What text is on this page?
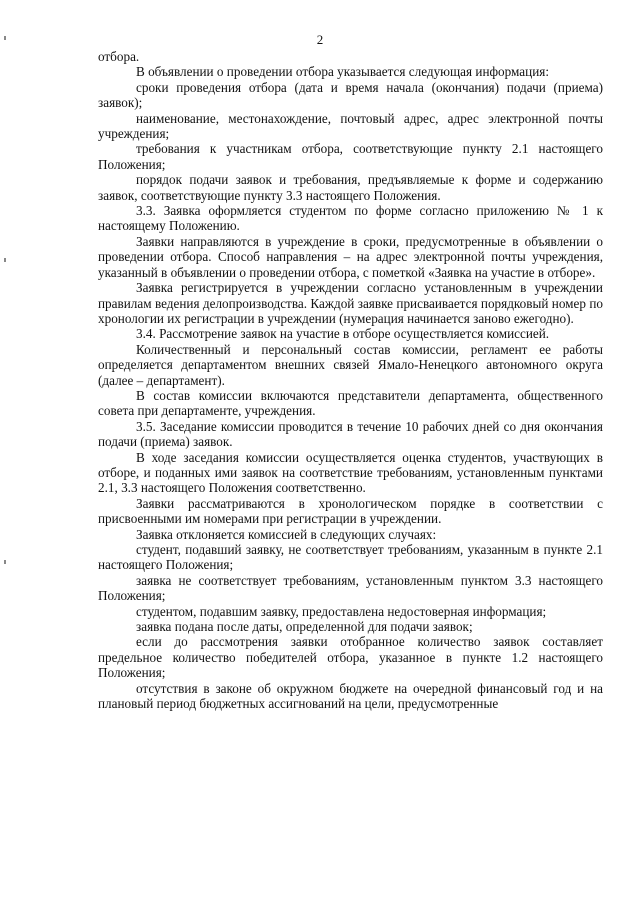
2

отбора.

В объявлении о проведении отбора указывается следующая информация:

сроки проведения отбора (дата и время начала (окончания) подачи (приема) заявок);

наименование, местонахождение, почтовый адрес, адрес электронной почты учреждения;

требования к участникам отбора, соответствующие пункту 2.1 настоящего Положения;

порядок подачи заявок и требования, предъявляемые к форме и содержанию заявок, соответствующие пункту 3.3 настоящего Положения.

3.3. Заявка оформляется студентом по форме согласно приложению № 1 к настоящему Положению.

Заявки направляются в учреждение в сроки, предусмотренные в объявлении о проведении отбора. Способ направления – на адрес электронной почты учреждения, указанный в объявлении о проведении отбора, с пометкой «Заявка на участие в отборе».

Заявка регистрируется в учреждении согласно установленным в учреждении правилам ведения делопроизводства. Каждой заявке присваивается порядковый номер по хронологии их регистрации в учреждении (нумерация начинается заново ежегодно).

3.4. Рассмотрение заявок на участие в отборе осуществляется комиссией.

Количественный и персональный состав комиссии, регламент ее работы определяется департаментом внешних связей Ямало-Ненецкого автономного округа (далее – департамент).

В состав комиссии включаются представители департамента, общественного совета при департаменте, учреждения.

3.5. Заседание комиссии проводится в течение 10 рабочих дней со дня окончания подачи (приема) заявок.

В ходе заседания комиссии осуществляется оценка студентов, участвующих в отборе, и поданных ими заявок на соответствие требованиям, установленным пунктами 2.1, 3.3 настоящего Положения соответственно.

Заявки рассматриваются в хронологическом порядке в соответствии с присвоенными им номерами при регистрации в учреждении.

Заявка отклоняется комиссией в следующих случаях:

студент, подавший заявку, не соответствует требованиям, указанным в пункте 2.1 настоящего Положения;

заявка не соответствует требованиям, установленным пунктом 3.3 настоящего Положения;

студентом, подавшим заявку, предоставлена недостоверная информация;

заявка подана после даты, определенной для подачи заявок;

если до рассмотрения заявки отобранное количество заявок составляет предельное количество победителей отбора, указанное в пункте 1.2 настоящего Положения;

отсутствия в законе об окружном бюджете на очередной финансовый год и на плановый период бюджетных ассигнований на цели, предусмотренные
